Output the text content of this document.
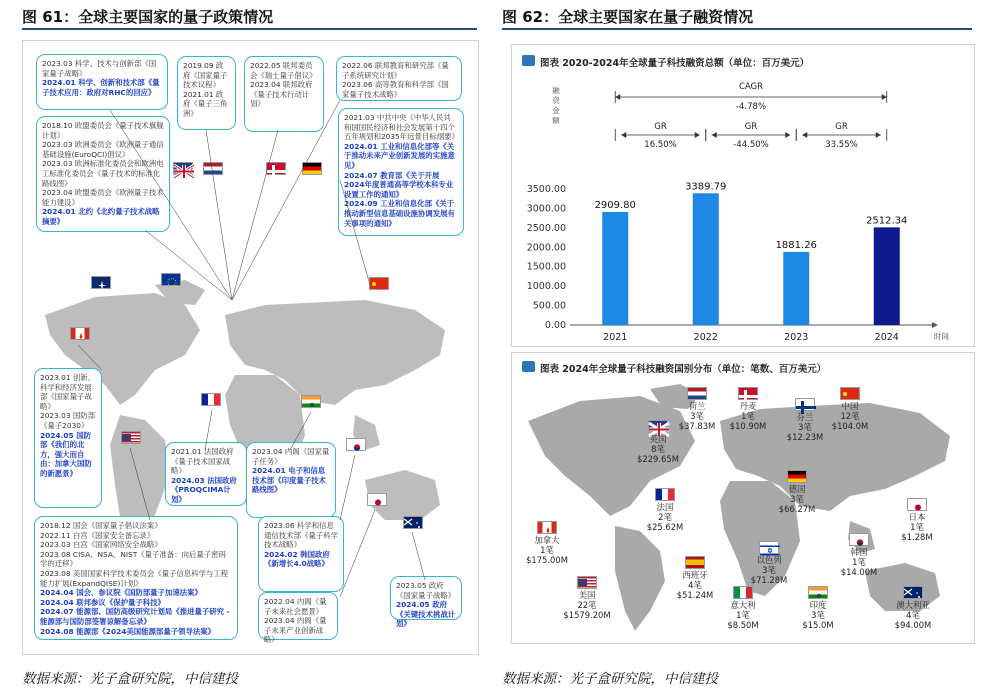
图 61：全球主要国家的量子政策情况
2023.03 科学、技术与创新部《国家量子战略》
2024.01 科学、创新和技术部《量子技术应用：政府对RHC的回应》
2018.10 欧盟委员会《量子技术旗舰计划》
2023.03 欧洲委员会《欧洲量子通信基础设施(EuroQCI)倡议》
2023.03 欧洲标准化委员会和欧洲电工标准化委员会《量子技术的标准化路线图》
2023.04 欧盟委员会《欧洲量子技术能力建设》
2024.01 北约《北约量子技术战略摘要》
2019.09 政府《国家量子技术议程》
2021.01 政府《量子三角洲》
2022.05 联邦委员会《瑞士量子倡议》
2023.04 联邦政府《量子技术行动计划》
2022.06 联邦教育和研究部《量子系统研究计划》
2023.06 高等教育和科学部《国家量子技术战略》
2021.03 中共中央《中华人民共和国国民经济和社会发展第十四个五年规划和2035年远景目标纲要》
2024.01 工业和信息化部等《关于推动未来产业创新发展的实施意见》
2024.07 教育部《关于开展2024年度普通高等学校本科专业设置工作的通知》
2024.09 工业和信息化部《关于推动新型信息基础设施协调发展有关事项的通知》
2023.01 创新、科学和经济发展部《国家量子战略》
2023.03 国防部《量子2030》
2024.05 国防部《我们的北方，强大而自由：加拿大国防的新愿景》
2021.01 法国政府《量子技术国家战略》
2024.03 法国政府《PROQCIMA计划》
2023.04 内阁《国家量子任务》
2024.01 电子和信息技术部《印度量子技术路线图》
2018.12 国会《国家量子倡议法案》
2022.11 白宫《国家安全备忘录》
2023.03 白宫《国家网络安全战略》
2023.08 CISA、NSA、NIST《量子准备：向后量子密码学的迁移》
2023.08 美国国家科学技术委员会《量子信息科学与工程能力扩展(ExpandQISE)计划》
2024.04 国会、参议院《国防部量子加速法案》
2024.04 联邦参议《保护量子科技》
2024.07 能源部、国防高级研究计划局《推进量子研究 - 能源部与国防部签署谅解备忘录》
2024.08 能源部《2024美国能源部量子领导法案》
2023.06 科学和信息通信技术部《量子科学技术战略》
2024.02 韩国政府《新增长4.0战略》
2022.04 内阁《量子未来社会愿景》
2023.04 内阁《量子未来产业创新战略》
2023.05 政府《国家量子战略》
2024.05 政府《关键技术挑战计划》
数据来源：光子盒研究院，中信建投
图 62：全球主要国家在量子融资情况
图表 2020-2024年全球量子科技融资总额（单位：百万美元）
0.00
500.00
1000.00
1500.00
2000.00
2500.00
3000.00
3500.00
融资金额
时间
2909.80
2021
3389.79
2022
1881.26
2023
2512.34
2024
CAGR
-4.78%
GR
16.50%
GR
-44.50%
GR
33.55%
图表 2024年全球量子科技融资国别分布（单位：笔数、百万美元）
荷兰
3笔
$37.83M
丹麦
1笔
$10.90M
芬兰
3笔
$12.23M
中国
12笔
$104.0M
英国
8笔
$229.65M
法国
2笔
$25.62M
德国
3笔
$66.27M
日本
1笔
$1.28M
加拿大
1笔
$175.00M	以色列
3笔
$71.28M
韩国
1笔
$14.00M
西班牙
4笔
$51.24M
美国
22笔
$1579.20M
意大利
1笔
$8.50M
印度
3笔
$15.0M
澳大利亚
4笔
$94.00M
数据来源：光子盒研究院，中信建投
